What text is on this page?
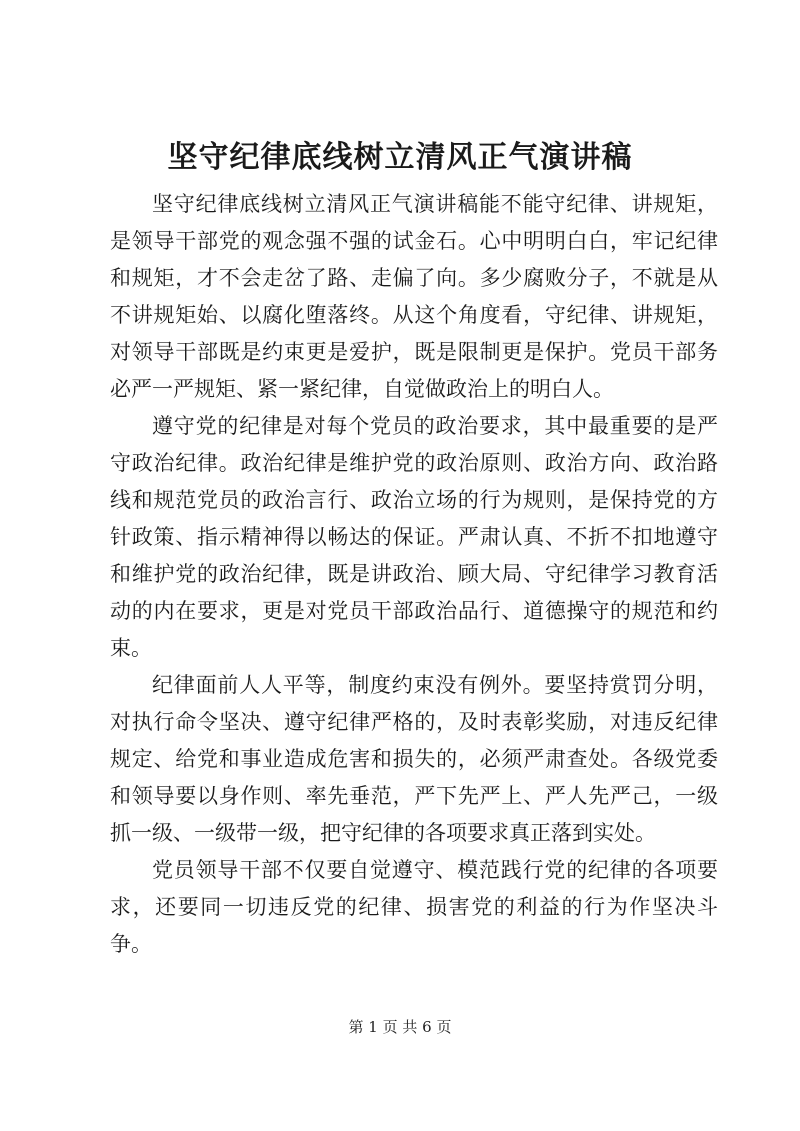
坚守纪律底线树立清风正气演讲稿

坚守纪律底线树立清风正气演讲稿能不能守纪律、讲规矩，是领导干部党的观念强不强的试金石。心中明明白白，牢记纪律和规矩，才不会走岔了路、走偏了向。多少腐败分子，不就是从不讲规矩始、以腐化堕落终。从这个角度看，守纪律、讲规矩，对领导干部既是约束更是爱护，既是限制更是保护。党员干部务必严一严规矩、紧一紧纪律，自觉做政治上的明白人。

遵守党的纪律是对每个党员的政治要求，其中最重要的是严守政治纪律。政治纪律是维护党的政治原则、政治方向、政治路线和规范党员的政治言行、政治立场的行为规则，是保持党的方针政策、指示精神得以畅达的保证。严肃认真、不折不扣地遵守和维护党的政治纪律，既是讲政治、顾大局、守纪律学习教育活动的内在要求，更是对党员干部政治品行、道德操守的规范和约束。

纪律面前人人平等，制度约束没有例外。要坚持赏罚分明，对执行命令坚决、遵守纪律严格的，及时表彰奖励，对违反纪律规定、给党和事业造成危害和损失的，必须严肃查处。各级党委和领导要以身作则、率先垂范，严下先严上、严人先严己，一级抓一级、一级带一级，把守纪律的各项要求真正落到实处。

党员领导干部不仅要自觉遵守、模范践行党的纪律的各项要求，还要同一切违反党的纪律、损害党的利益的行为作坚决斗争。

第 1 页 共 6 页
